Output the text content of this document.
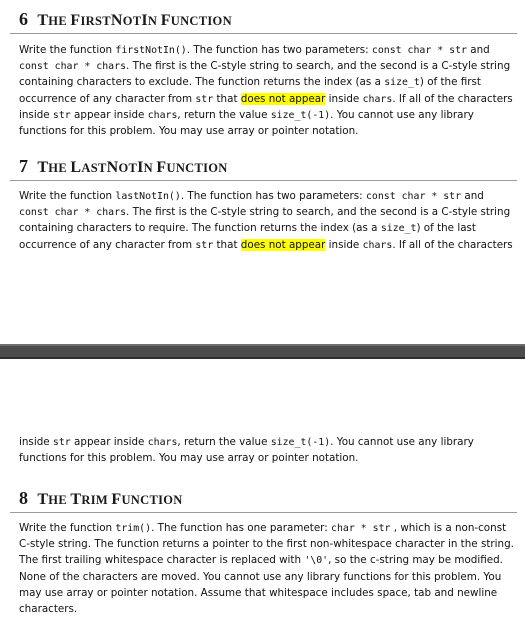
6 THE FIRSTNOTIN FUNCTION

Write the function firstNotIn(). The function has two parameters: const char * str and
const char * chars. The first is the C-style string to search, and the second is a C-style string
containing characters to exclude. The function returns the index (as a size_t) of the first
occurrence of any character from str that does not appear inside chars. If all of the characters
inside str appear inside chars, return the value size_t(-1). You cannot use any library
functions for this problem. You may use array or pointer notation.

7 THE LASTNOTIN FUNCTION

Write the function lastNotIn(). The function has two parameters: const char * str and
const char * chars. The first is the C-style string to search, and the second is a C-style string
containing characters to require. The function returns the index (as a size_t) of the last
occurrence of any character from str that does not appear inside chars. If all of the characters

inside str appear inside chars, return the value size_t(-1). You cannot use any library
functions for this problem. You may use array or pointer notation.

8 THE TRIM FUNCTION

Write the function trim(). The function has one parameter: char * str , which is a non-const
C-style string. The function returns a pointer to the first non-whitespace character in the string.
The first trailing whitespace character is replaced with '\0', so the c-string may be modified.
None of the characters are moved. You cannot use any library functions for this problem. You
may use array or pointer notation. Assume that whitespace includes space, tab and newline
characters.
